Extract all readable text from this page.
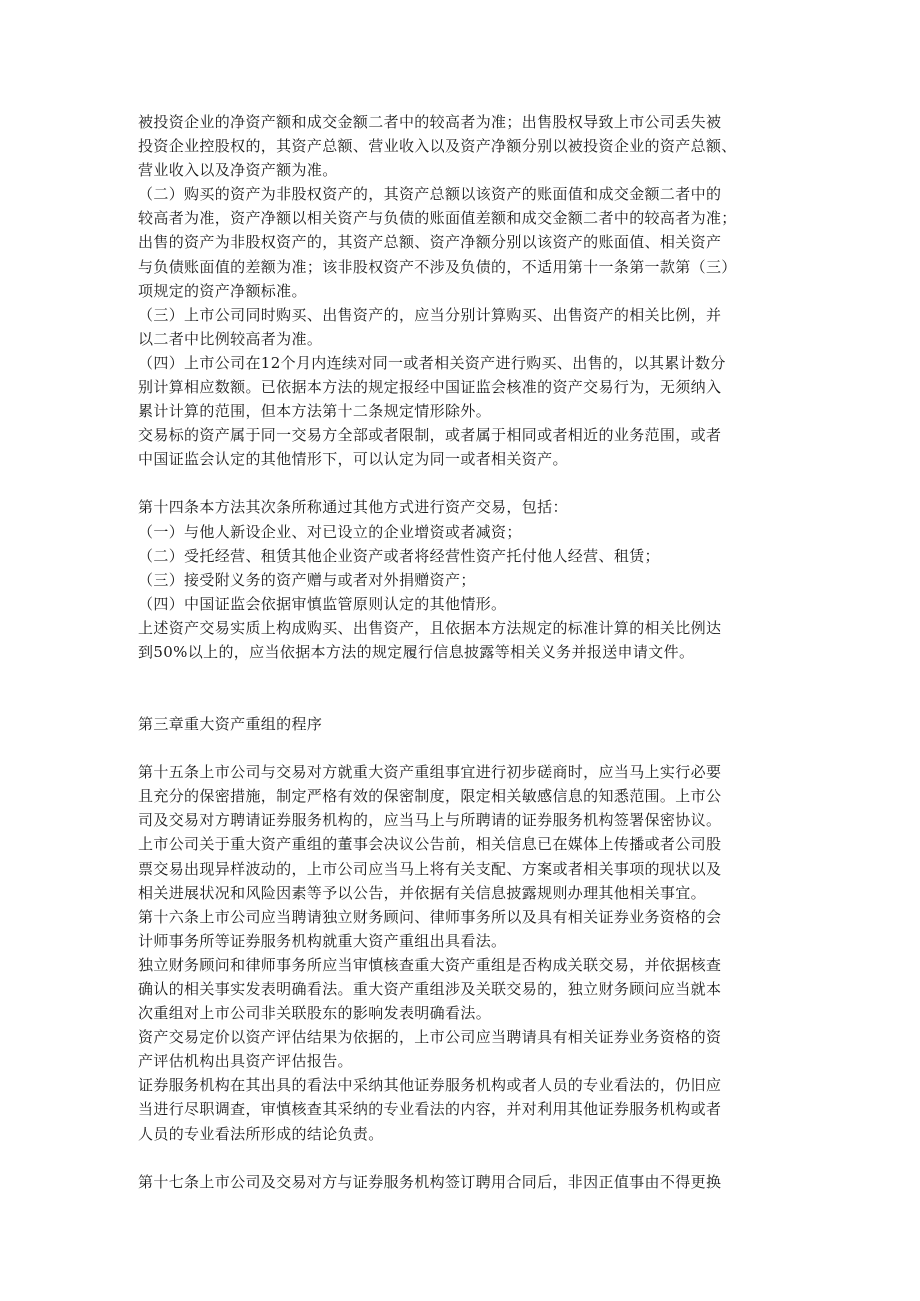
被投资企业的净资产额和成交金额二者中的较高者为准；出售股权导致上市公司丢失被
投资企业控股权的，其资产总额、营业收入以及资产净额分别以被投资企业的资产总额、
营业收入以及净资产额为准。
（二）购买的资产为非股权资产的，其资产总额以该资产的账面值和成交金额二者中的
较高者为准，资产净额以相关资产与负债的账面值差额和成交金额二者中的较高者为准；
出售的资产为非股权资产的，其资产总额、资产净额分别以该资产的账面值、相关资产
与负债账面值的差额为准；该非股权资产不涉及负债的，不适用第十一条第一款第（三）
项规定的资产净额标准。
（三）上市公司同时购买、出售资产的，应当分别计算购买、出售资产的相关比例，并
以二者中比例较高者为准。
（四）上市公司在12个月内连续对同一或者相关资产进行购买、出售的，以其累计数分
别计算相应数额。已依据本方法的规定报经中国证监会核准的资产交易行为，无须纳入
累计计算的范围，但本方法第十二条规定情形除外。
交易标的资产属于同一交易方全部或者限制，或者属于相同或者相近的业务范围，或者
中国证监会认定的其他情形下，可以认定为同一或者相关资产。
第十四条本方法其次条所称通过其他方式进行资产交易，包括：
（一）与他人新设企业、对已设立的企业增资或者减资；
（二）受托经营、租赁其他企业资产或者将经营性资产托付他人经营、租赁；
（三）接受附义务的资产赠与或者对外捐赠资产；
（四）中国证监会依据审慎监管原则认定的其他情形。
上述资产交易实质上构成购买、出售资产，且依据本方法规定的标准计算的相关比例达
到50%以上的，应当依据本方法的规定履行信息披露等相关义务并报送申请文件。
第三章重大资产重组的程序
第十五条上市公司与交易对方就重大资产重组事宜进行初步磋商时，应当马上实行必要
且充分的保密措施，制定严格有效的保密制度，限定相关敏感信息的知悉范围。上市公
司及交易对方聘请证券服务机构的，应当马上与所聘请的证券服务机构签署保密协议。
上市公司关于重大资产重组的董事会决议公告前，相关信息已在媒体上传播或者公司股
票交易出现异样波动的，上市公司应当马上将有关支配、方案或者相关事项的现状以及
相关进展状况和风险因素等予以公告，并依据有关信息披露规则办理其他相关事宜。
第十六条上市公司应当聘请独立财务顾问、律师事务所以及具有相关证券业务资格的会
计师事务所等证券服务机构就重大资产重组出具看法。
独立财务顾问和律师事务所应当审慎核查重大资产重组是否构成关联交易，并依据核查
确认的相关事实发表明确看法。重大资产重组涉及关联交易的，独立财务顾问应当就本
次重组对上市公司非关联股东的影响发表明确看法。
资产交易定价以资产评估结果为依据的，上市公司应当聘请具有相关证券业务资格的资
产评估机构出具资产评估报告。
证券服务机构在其出具的看法中采纳其他证券服务机构或者人员的专业看法的，仍旧应
当进行尽职调查，审慎核查其采纳的专业看法的内容，并对利用其他证券服务机构或者
人员的专业看法所形成的结论负责。
第十七条上市公司及交易对方与证券服务机构签订聘用合同后，非因正值事由不得更换
